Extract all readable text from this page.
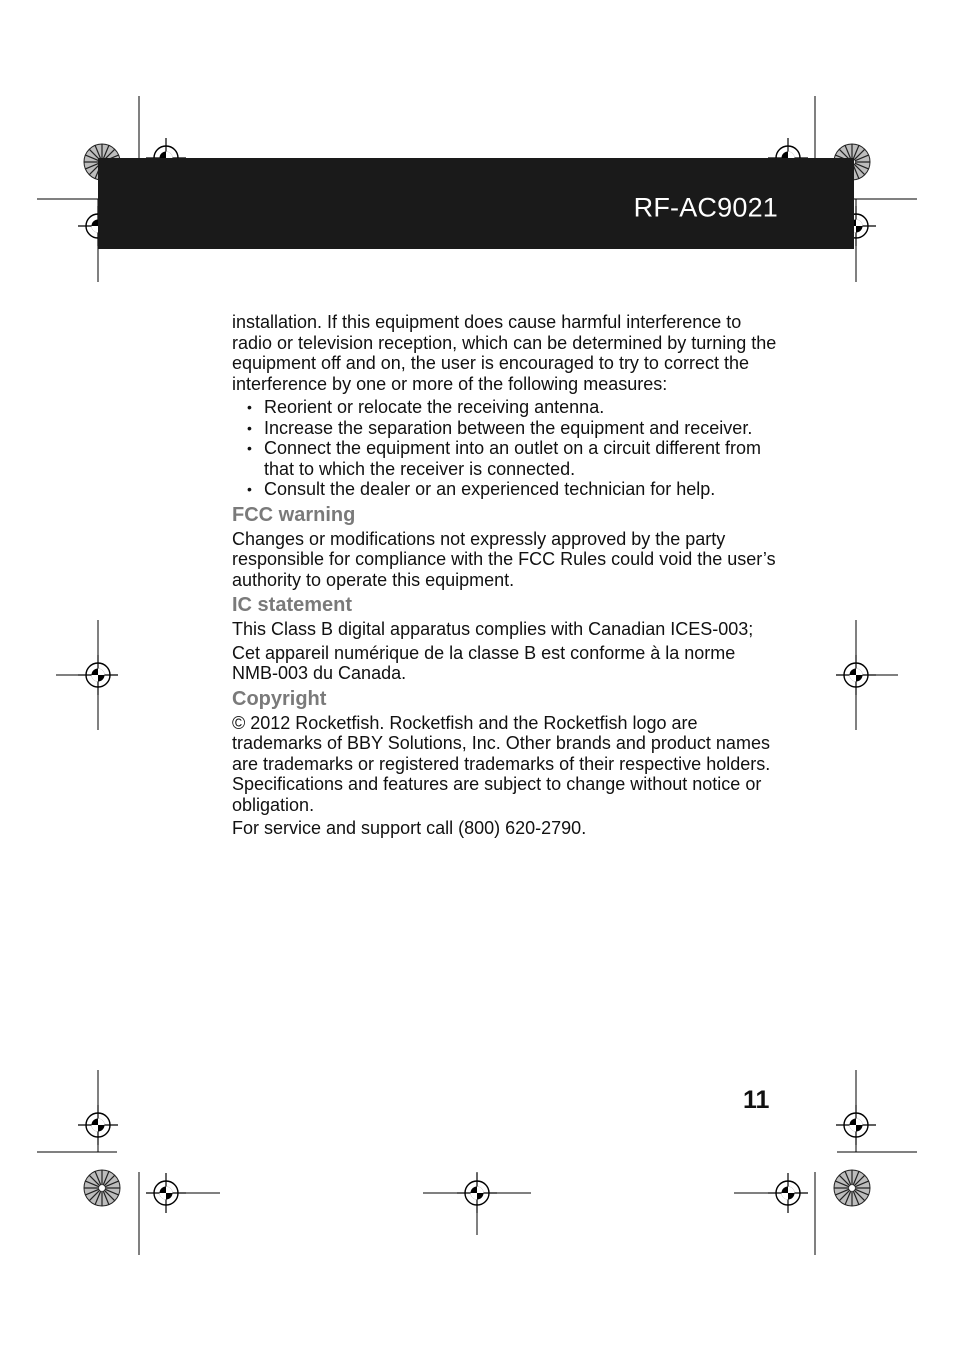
RF-AC9021

installation. If this equipment does cause harmful interference to radio or television reception, which can be determined by turning the equipment off and on, the user is encouraged to try to correct the interference by one or more of the following measures:

• Reorient or relocate the receiving antenna.
• Increase the separation between the equipment and receiver.
• Connect the equipment into an outlet on a circuit different from that to which the receiver is connected.
• Consult the dealer or an experienced technician for help.
FCC warning

Changes or modifications not expressly approved by the party responsible for compliance with the FCC Rules could void the user’s authority to operate this equipment.

IC statement

This Class B digital apparatus complies with Canadian ICES-003;

Cet appareil numérique de la classe B est conforme à la norme NMB-003 du Canada.

Copyright

© 2012 Rocketfish. Rocketfish and the Rocketfish logo are trademarks of BBY Solutions, Inc. Other brands and product names are trademarks or registered trademarks of their respective holders. Specifications and features are subject to change without notice or obligation.

For service and support call (800) 620-2790.

11
